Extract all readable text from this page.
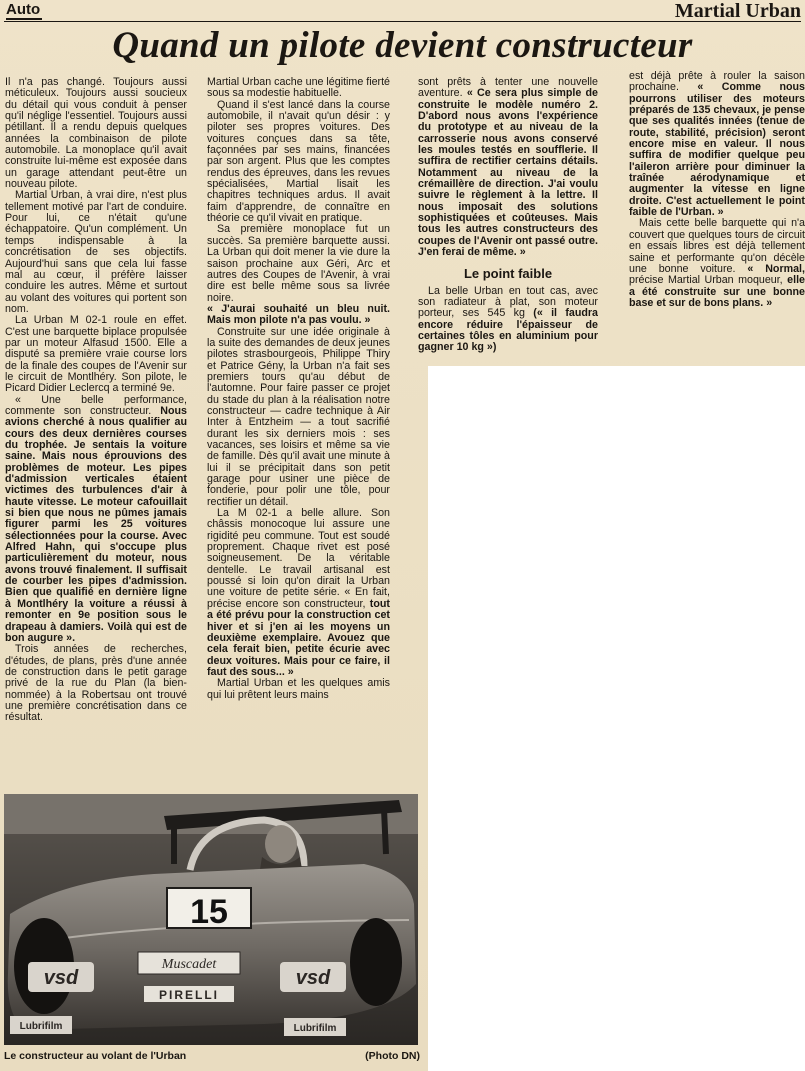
Auto	Martial Urban
Quand un pilote devient constructeur

Il n'a pas changé. Toujours aussi méticuleux. Toujours aussi soucieux du détail qui vous conduit à penser qu'il néglige l'essentiel. Toujours aussi pétillant. Il a rendu depuis quelques années la combinaison de pilote automobile. La monoplace qu'il avait construite lui-même est exposée dans un garage attendant peut-être un nouveau pilote.

Martial Urban, à vrai dire, n'est plus tellement motivé par l'art de conduire. Pour lui, ce n'était qu'une échappatoire. Qu'un complément. Un temps indispensable à la concrétisation de ses objectifs. Aujourd'hui sans que cela lui fasse mal au cœur, il préfère laisser conduire les autres. Même et surtout au volant des voitures qui portent son nom.

La Urban M 02-1 roule en effet. C'est une barquette biplace propulsée par un moteur Alfasud 1500. Elle a disputé sa première vraie course lors de la finale des coupes de l'Avenir sur le circuit de Montlhéry. Son pilote, le Picard Didier Leclercq a terminé 9e.

« Une belle performance, commente son constructeur. Nous avions cherché à nous qualifier au cours des deux dernières courses du trophée. Je sentais la voiture saine. Mais nous éprouvions des problèmes de moteur. Les pipes d'admission verticales étaient victimes des turbulences d'air à haute vitesse. Le moteur cafouillait si bien que nous ne pûmes jamais figurer parmi les 25 voitures sélectionnées pour la course. Avec Alfred Hahn, qui s'occupe plus particulièrement du moteur, nous avons trouvé finalement. Il suffisait de courber les pipes d'admission. Bien que qualifié en dernière ligne à Montlhéry la voiture a réussi à remonter en 9e position sous le drapeau à damiers. Voilà qui est de bon augure ».

Trois années de recherches, d'études, de plans, près d'une année de construction dans le petit garage privé de la rue du Plan (la bien-nommée) à la Robertsau ont trouvé une première concrétisation dans ce résultat.

Martial Urban cache une légitime fierté sous sa modestie habituelle.

Quand il s'est lancé dans la course automobile, il n'avait qu'un désir : y piloter ses propres voitures. Des voitures conçues dans sa tête, façonnées par ses mains, financées par son argent. Plus que les comptes rendus des épreuves, dans les revues spécialisées, Martial lisait les chapitres techniques ardus. Il avait faim d'apprendre, de connaître en théorie ce qu'il vivait en pratique.

Sa première monoplace fut un succès. Sa première barquette aussi. La Urban qui doit mener la vie dure la saison prochaine aux Géri, Arc et autres des Coupes de l'Avenir, à vrai dire est belle même sous sa livrée noire.

« J'aurai souhaité un bleu nuit. Mais mon pilote n'a pas voulu. »

Construite sur une idée originale à la suite des demandes de deux jeunes pilotes strasbourgeois, Philippe Thiry et Patrice Gény, la Urban n'a fait ses premiers tours qu'au début de l'automne. Pour faire passer ce projet du stade du plan à la réalisation notre constructeur — cadre technique à Air Inter à Entzheim — a tout sacrifié durant les six derniers mois : ses vacances, ses loisirs et même sa vie de famille. Dès qu'il avait une minute à lui il se précipitait dans son petit garage pour usiner une pièce de fonderie, pour polir une tôle, pour rectifier un détail.

La M 02-1 a belle allure. Son châssis monocoque lui assure une rigidité peu commune. Tout est soudé proprement. Chaque rivet est posé soigneusement. De la véritable dentelle. Le travail artisanal est poussé si loin qu'on dirait la Urban une voiture de petite série. « En fait, précise encore son constructeur, tout a été prévu pour la construction cet hiver et si j'en ai les moyens un deuxième exemplaire. Avouez que cela ferait bien, petite écurie avec deux voitures. Mais pour ce faire, il faut des sous... »

Martial Urban et les quelques amis qui lui prêtent leurs mains

sont prêts à tenter une nouvelle aventure. « Ce sera plus simple de construite le modèle numéro 2. D'abord nous avons l'expérience du prototype et au niveau de la carrosserie nous avons conservé les moules testés en soufflerie. Il suffira de rectifier certains détails. Notamment au niveau de la crémaillère de direction. J'ai voulu suivre le règlement à la lettre. Il nous imposait des solutions sophistiquées et coûteuses. Mais tous les autres constructeurs des coupes de l'Avenir ont passé outre. J'en ferai de même. »

Le point faible

La belle Urban en tout cas, avec son radiateur à plat, son moteur porteur, ses 545 kg (« il faudra encore réduire l'épaisseur de certaines tôles en aluminium pour gagner 10 kg »)

est déjà prête à rouler la saison prochaine. « Comme nous pourrons utiliser des moteurs préparés de 135 chevaux, je pense que ses qualités innées (tenue de route, stabilité, précision) seront encore mise en valeur. Il nous suffira de modifier quelque peu l'aileron arrière pour diminuer la traînée aérodynamique et augmenter la vitesse en ligne droite. C'est actuellement le point faible de l'Urban. »

Mais cette belle barquette qui n'a couvert que quelques tours de circuit en essais libres est déjà tellement saine et performante qu'on décèle une bonne voiture. « Normal, précise Martial Urban moqueur, elle a été construite sur une bonne base et sur de bons plans. »

15
vsd	vsd
Muscadet
PIRELLI
Lubrifilm	Lubrifilm
Le constructeur au volant de l'Urban	(Photo DN)
